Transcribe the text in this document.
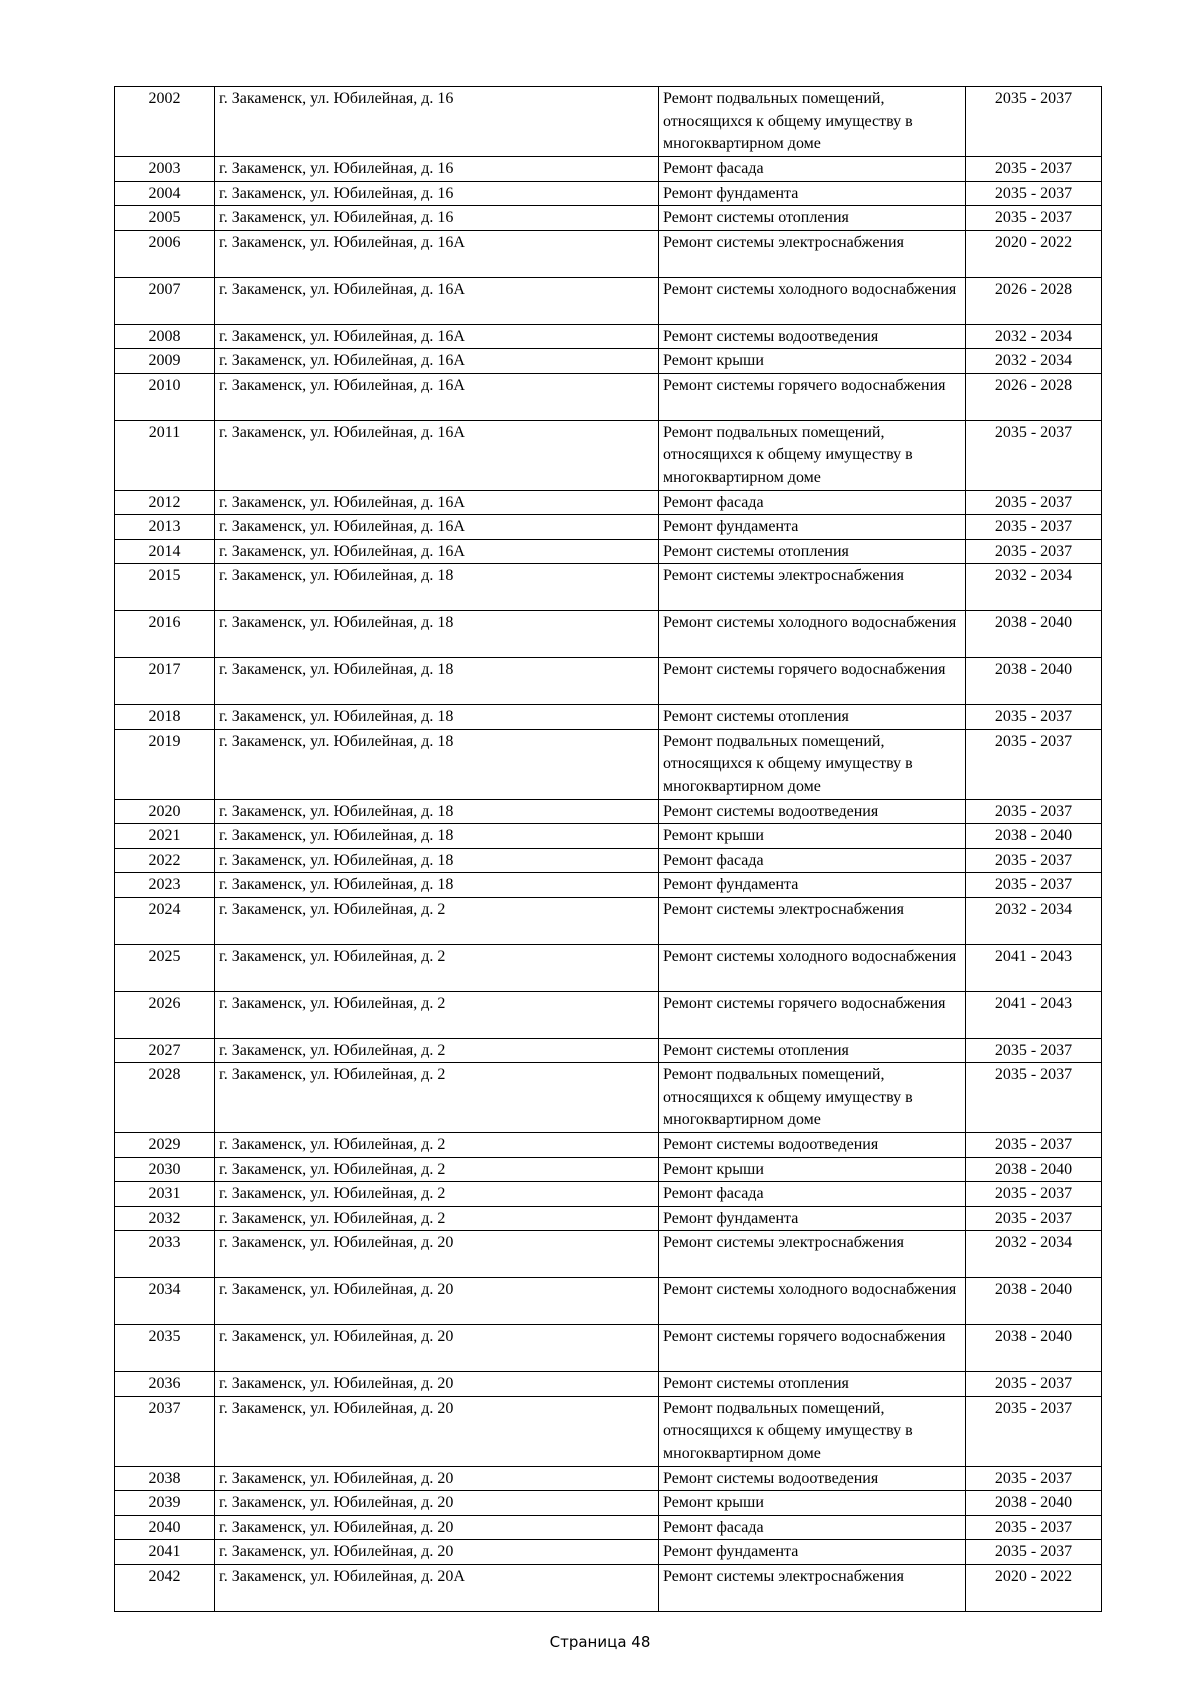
2002	г. Закаменск, ул. Юбилейная, д. 16	Ремонт подвальных помещений, относящихся к общему имуществу в многоквартирном доме	2035 - 2037
2003	г. Закаменск, ул. Юбилейная, д. 16	Ремонт фасада	2035 - 2037
2004	г. Закаменск, ул. Юбилейная, д. 16	Ремонт фундамента	2035 - 2037
2005	г. Закаменск, ул. Юбилейная, д. 16	Ремонт системы отопления	2035 - 2037
2006	г. Закаменск, ул. Юбилейная, д. 16А	Ремонт системы электроснабжения	2020 - 2022
2007	г. Закаменск, ул. Юбилейная, д. 16А	Ремонт системы холодного водоснабжения	2026 - 2028
2008	г. Закаменск, ул. Юбилейная, д. 16А	Ремонт системы водоотведения	2032 - 2034
2009	г. Закаменск, ул. Юбилейная, д. 16А	Ремонт крыши	2032 - 2034
2010	г. Закаменск, ул. Юбилейная, д. 16А	Ремонт системы горячего водоснабжения	2026 - 2028
2011	г. Закаменск, ул. Юбилейная, д. 16А	Ремонт подвальных помещений, относящихся к общему имуществу в многоквартирном доме	2035 - 2037
2012	г. Закаменск, ул. Юбилейная, д. 16А	Ремонт фасада	2035 - 2037
2013	г. Закаменск, ул. Юбилейная, д. 16А	Ремонт фундамента	2035 - 2037
2014	г. Закаменск, ул. Юбилейная, д. 16А	Ремонт системы отопления	2035 - 2037
2015	г. Закаменск, ул. Юбилейная, д. 18	Ремонт системы электроснабжения	2032 - 2034
2016	г. Закаменск, ул. Юбилейная, д. 18	Ремонт системы холодного водоснабжения	2038 - 2040
2017	г. Закаменск, ул. Юбилейная, д. 18	Ремонт системы горячего водоснабжения	2038 - 2040
2018	г. Закаменск, ул. Юбилейная, д. 18	Ремонт системы отопления	2035 - 2037
2019	г. Закаменск, ул. Юбилейная, д. 18	Ремонт подвальных помещений, относящихся к общему имуществу в многоквартирном доме	2035 - 2037
2020	г. Закаменск, ул. Юбилейная, д. 18	Ремонт системы водоотведения	2035 - 2037
2021	г. Закаменск, ул. Юбилейная, д. 18	Ремонт крыши	2038 - 2040
2022	г. Закаменск, ул. Юбилейная, д. 18	Ремонт фасада	2035 - 2037
2023	г. Закаменск, ул. Юбилейная, д. 18	Ремонт фундамента	2035 - 2037
2024	г. Закаменск, ул. Юбилейная, д. 2	Ремонт системы электроснабжения	2032 - 2034
2025	г. Закаменск, ул. Юбилейная, д. 2	Ремонт системы холодного водоснабжения	2041 - 2043
2026	г. Закаменск, ул. Юбилейная, д. 2	Ремонт системы горячего водоснабжения	2041 - 2043
2027	г. Закаменск, ул. Юбилейная, д. 2	Ремонт системы отопления	2035 - 2037
2028	г. Закаменск, ул. Юбилейная, д. 2	Ремонт подвальных помещений, относящихся к общему имуществу в многоквартирном доме	2035 - 2037
2029	г. Закаменск, ул. Юбилейная, д. 2	Ремонт системы водоотведения	2035 - 2037
2030	г. Закаменск, ул. Юбилейная, д. 2	Ремонт крыши	2038 - 2040
2031	г. Закаменск, ул. Юбилейная, д. 2	Ремонт фасада	2035 - 2037
2032	г. Закаменск, ул. Юбилейная, д. 2	Ремонт фундамента	2035 - 2037
2033	г. Закаменск, ул. Юбилейная, д. 20	Ремонт системы электроснабжения	2032 - 2034
2034	г. Закаменск, ул. Юбилейная, д. 20	Ремонт системы холодного водоснабжения	2038 - 2040
2035	г. Закаменск, ул. Юбилейная, д. 20	Ремонт системы горячего водоснабжения	2038 - 2040
2036	г. Закаменск, ул. Юбилейная, д. 20	Ремонт системы отопления	2035 - 2037
2037	г. Закаменск, ул. Юбилейная, д. 20	Ремонт подвальных помещений, относящихся к общему имуществу в многоквартирном доме	2035 - 2037
2038	г. Закаменск, ул. Юбилейная, д. 20	Ремонт системы водоотведения	2035 - 2037
2039	г. Закаменск, ул. Юбилейная, д. 20	Ремонт крыши	2038 - 2040
2040	г. Закаменск, ул. Юбилейная, д. 20	Ремонт фасада	2035 - 2037
2041	г. Закаменск, ул. Юбилейная, д. 20	Ремонт фундамента	2035 - 2037
2042	г. Закаменск, ул. Юбилейная, д. 20А	Ремонт системы электроснабжения	2020 - 2022
Страница 48
